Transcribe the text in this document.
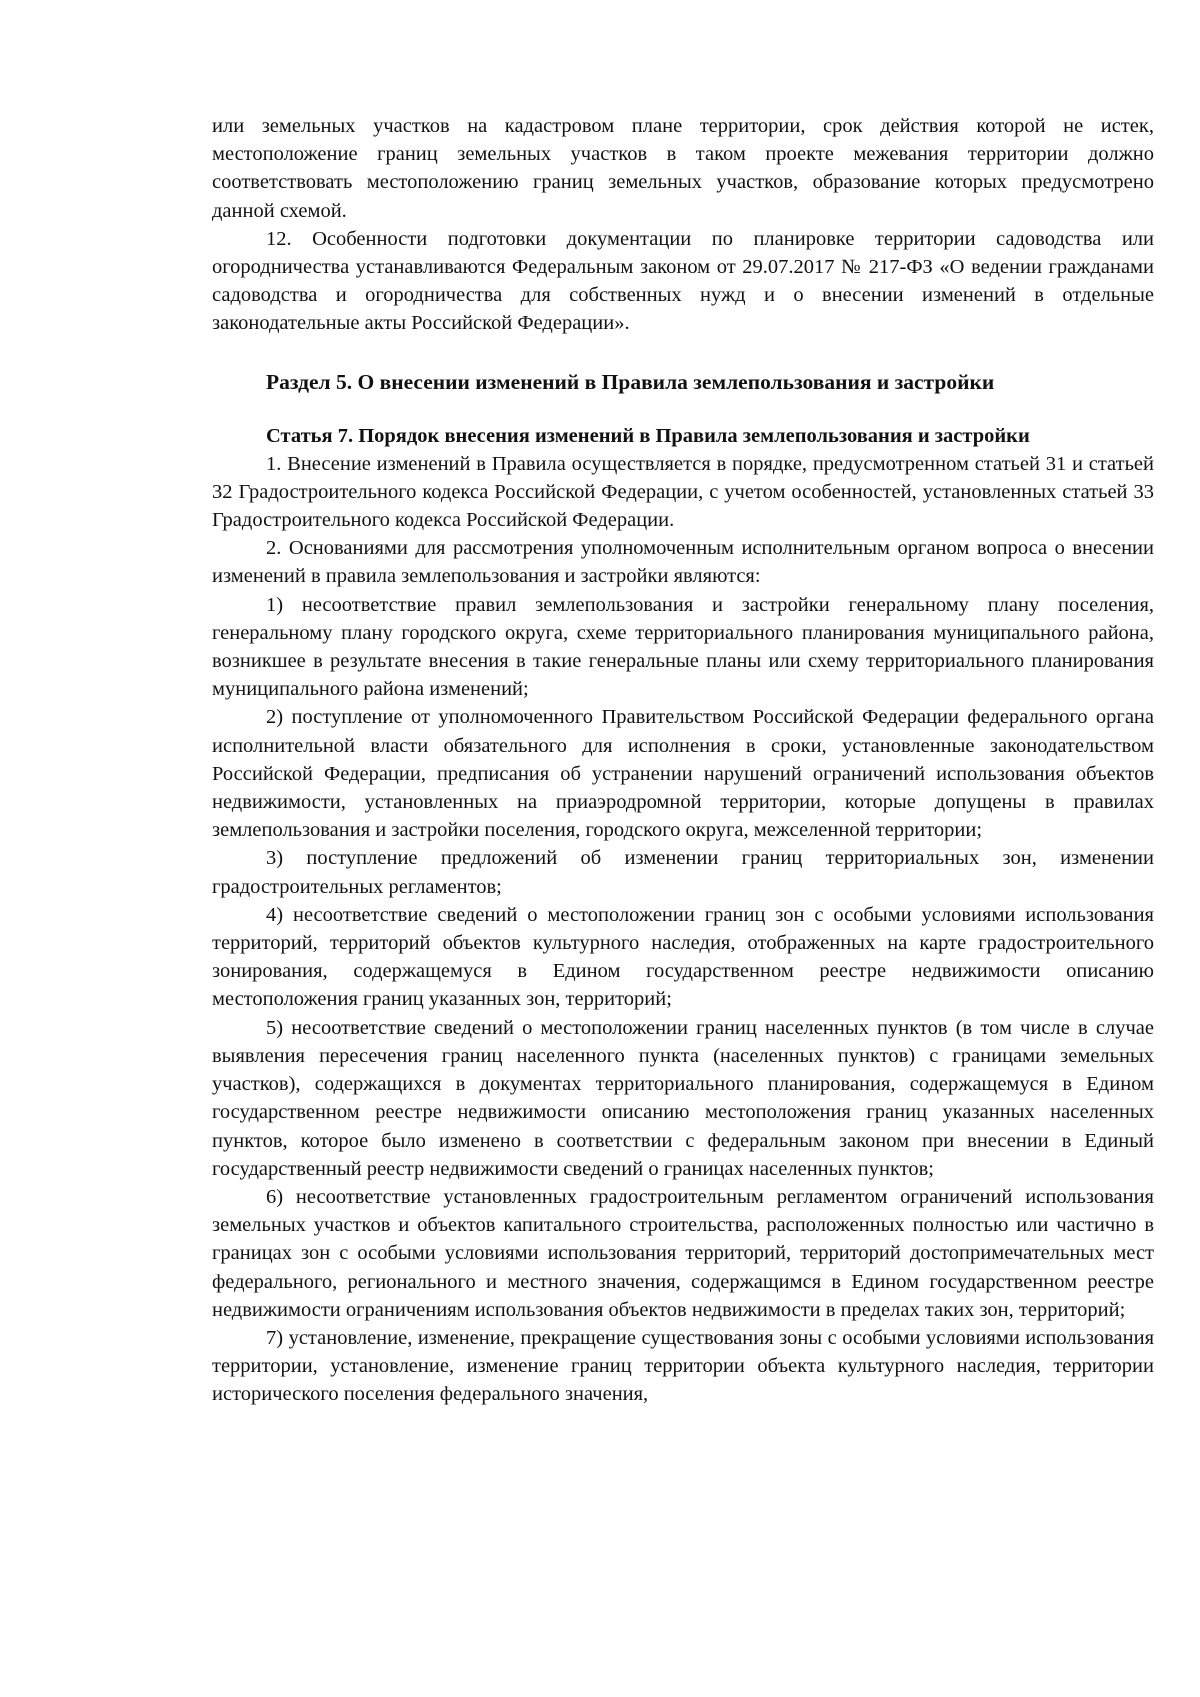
или земельных участков на кадастровом плане территории, срок действия которой не истек, местоположение границ земельных участков в таком проекте межевания территории должно соответствовать местоположению границ земельных участков, образование которых предусмотрено данной схемой.

12. Особенности подготовки документации по планировке территории садоводства или огородничества устанавливаются Федеральным законом от 29.07.2017 № 217-ФЗ «О ведении гражданами садоводства и огородничества для собственных нужд и о внесении изменений в отдельные законодательные акты Российской Федерации».

Раздел 5. О внесении изменений в Правила землепользования и застройки
Статья 7. Порядок внесения изменений в Правила землепользования и застройки

1. Внесение изменений в Правила осуществляется в порядке, предусмотренном статьей 31 и статьей 32 Градостроительного кодекса Российской Федерации, с учетом особенностей, установленных статьей 33 Градостроительного кодекса Российской Федерации.

2. Основаниями для рассмотрения уполномоченным исполнительным органом вопроса о внесении изменений в правила землепользования и застройки являются:

1) несоответствие правил землепользования и застройки генеральному плану поселения, генеральному плану городского округа, схеме территориального планирования муниципального района, возникшее в результате внесения в такие генеральные планы или схему территориального планирования муниципального района изменений;

2) поступление от уполномоченного Правительством Российской Федерации федерального органа исполнительной власти обязательного для исполнения в сроки, установленные законодательством Российской Федерации, предписания об устранении нарушений ограничений использования объектов недвижимости, установленных на приаэродромной территории, которые допущены в правилах землепользования и застройки поселения, городского округа, межселенной территории;

3) поступление предложений об изменении границ территориальных зон, изменении градостроительных регламентов;

4) несоответствие сведений о местоположении границ зон с особыми условиями использования территорий, территорий объектов культурного наследия, отображенных на карте градостроительного зонирования, содержащемуся в Едином государственном реестре недвижимости описанию местоположения границ указанных зон, территорий;

5) несоответствие сведений о местоположении границ населенных пунктов (в том числе в случае выявления пересечения границ населенного пункта (населенных пунктов) с границами земельных участков), содержащихся в документах территориального планирования, содержащемуся в Едином государственном реестре недвижимости описанию местоположения границ указанных населенных пунктов, которое было изменено в соответствии с федеральным законом при внесении в Единый государственный реестр недвижимости сведений о границах населенных пунктов;

6) несоответствие установленных градостроительным регламентом ограничений использования земельных участков и объектов капитального строительства, расположенных полностью или частично в границах зон с особыми условиями использования территорий, территорий достопримечательных мест федерального, регионального и местного значения, содержащимся в Едином государственном реестре недвижимости ограничениям использования объектов недвижимости в пределах таких зон, территорий;

7) установление, изменение, прекращение существования зоны с особыми условиями использования территории, установление, изменение границ территории объекта культурного наследия, территории исторического поселения федерального значения,
